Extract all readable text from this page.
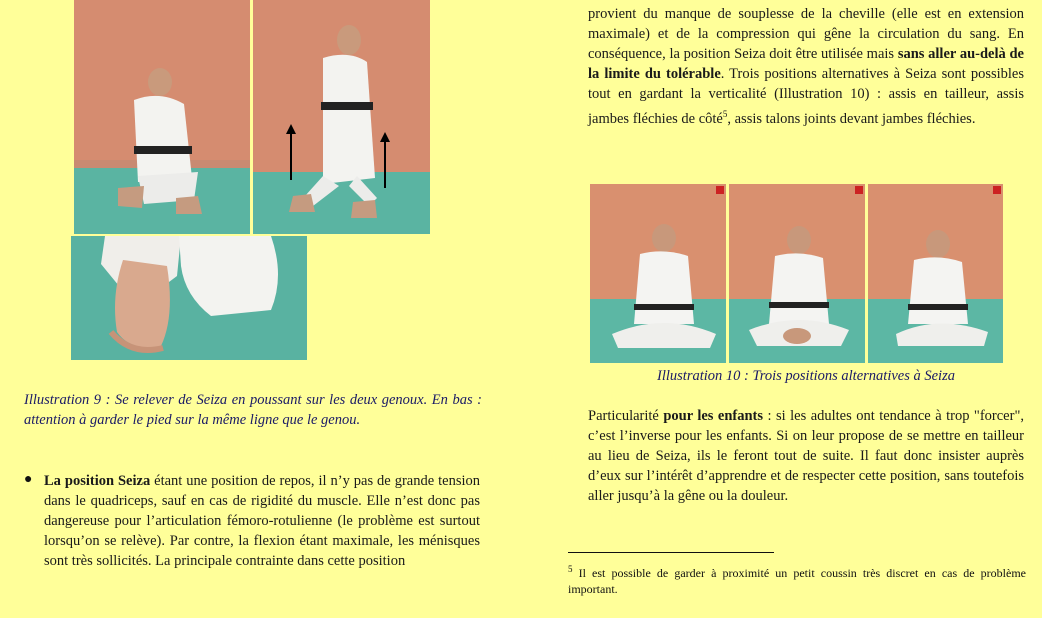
Illustration 9 : Se relever de Seiza en poussant sur les deux genoux. En bas : attention à garder le pied sur la même ligne que le genou.
● La position Seiza étant une position de repos, il n’y pas de grande tension dans le quadriceps, sauf en cas de rigidité du muscle. Elle n’est donc pas dangereuse pour l’articulation fémoro-rotulienne (le problème est surtout lorsqu’on se relève). Par contre, la flexion étant maximale, les ménisques sont très sollicités. La principale contrainte dans cette position
provient du manque de souplesse de la cheville (elle est en extension maximale) et de la compression qui gêne la circulation du sang. En conséquence, la position Seiza doit être utilisée mais sans aller au-delà de la limite du tolérable. Trois positions alternatives à Seiza sont possibles tout en gardant la verticalité (Illustration 10) : assis en tailleur, assis jambes fléchies de côté$^5$, assis talons joints devant jambes fléchies.
Illustration 10 : Trois positions alternatives à Seiza
Particularité pour les enfants : si les adultes ont tendance à trop "forcer", c’est l’inverse pour les enfants. Si on leur propose de se mettre en tailleur au lieu de Seiza, ils le feront tout de suite. Il faut donc insister auprès d’eux sur l’intérêt d’apprendre et de respecter cette position, sans toutefois aller jusqu’à la gêne ou la douleur.
$^5$ Il est possible de garder à proximité un petit coussin très discret en cas de problème important.
